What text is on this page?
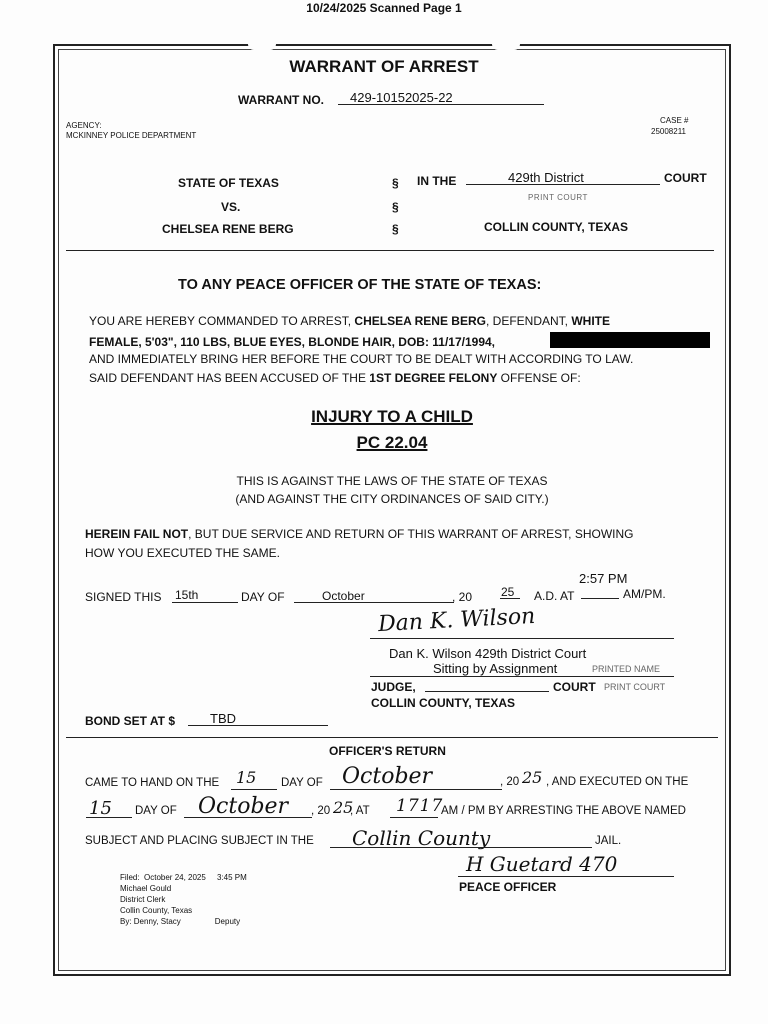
10/24/2025 Scanned Page 1
WARRANT OF ARREST
WARRANT NO. 429-10152025-22
AGENCY:
MCKINNEY POLICE DEPARTMENT
CASE #
25008211
STATE OF TEXAS
VS.
CHELSEA RENE BERG
§
§
§
IN THE	429th District	COURT
PRINT COURT
COLLIN COUNTY, TEXAS
TO ANY PEACE OFFICER OF THE STATE OF TEXAS:
YOU ARE HEREBY COMMANDED TO ARREST, CHELSEA RENE BERG, DEFENDANT, WHITE
FEMALE, 5'03", 110 LBS, BLUE EYES, BLONDE HAIR, DOB: 11/17/1994,
AND IMMEDIATELY BRING HER BEFORE THE COURT TO BE DEALT WITH ACCORDING TO LAW.
SAID DEFENDANT HAS BEEN ACCUSED OF THE 1ST DEGREE FELONY OFFENSE OF:
INJURY TO A CHILD
PC 22.04
THIS IS AGAINST THE LAWS OF THE STATE OF TEXAS
(AND AGAINST THE CITY ORDINANCES OF SAID CITY.)
HEREIN FAIL NOT, BUT DUE SERVICE AND RETURN OF THIS WARRANT OF ARREST, SHOWING
HOW YOU EXECUTED THE SAME.
SIGNED THIS 15th	DAY OF	October	, 20 25 A.D. AT
2:57 PM
AM/PM.
Dan K. Wilson
Dan K. Wilson 429th District Court
Sitting by Assignment	PRINTED NAME
JUDGE,	COURT PRINT COURT
COLLIN COUNTY, TEXAS
BOND SET AT $	TBD
OFFICER'S RETURN
CAME TO HAND ON THE 15 DAY OF October	, 20 25 , AND EXECUTED ON THE
15 DAY OF October , 20 25
, AT 1717
AM / PM BY ARRESTING THE ABOVE NAMED
SUBJECT AND PLACING SUBJECT IN THE Collin County	JAIL.
H Guetard 470
PEACE OFFICER
Filed:  October 24, 2025     3:45 PM
Michael Gould
District Clerk
Collin County, Texas
By: Denny, Stacy	Deputy
